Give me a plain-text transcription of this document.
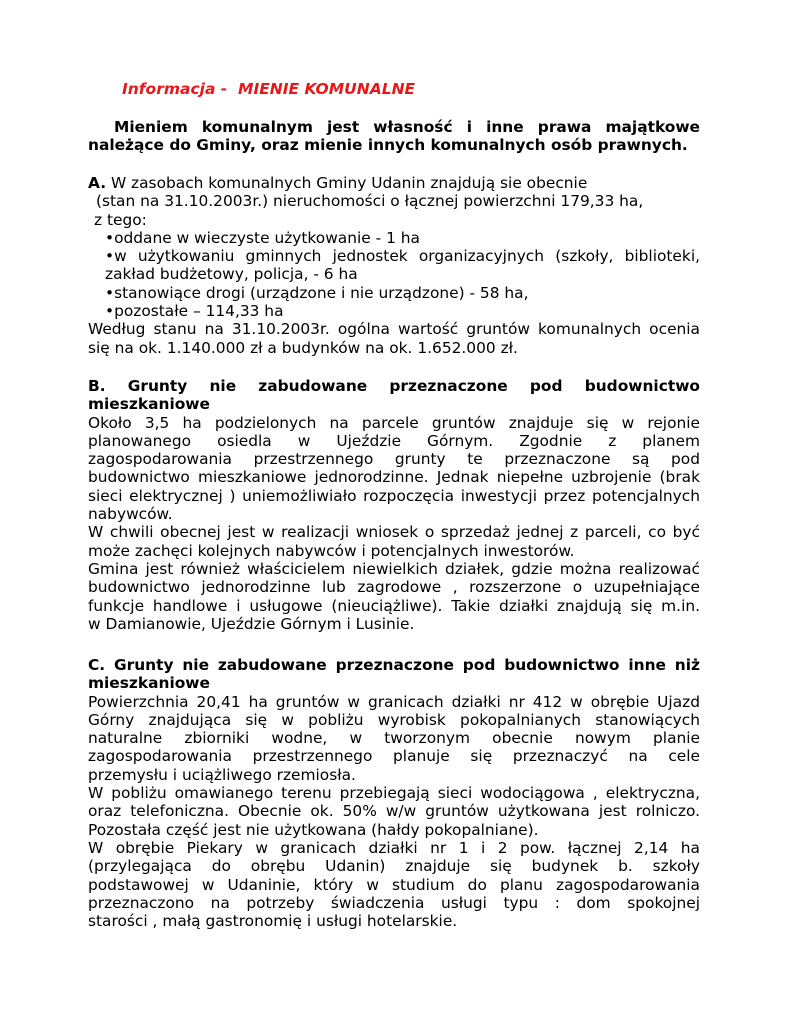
Informacja -  MIENIE KOMUNALNE
Mieniem komunalnym jest własność i inne prawa majątkowe
należące do Gminy, oraz mienie innych komunalnych osób prawnych.
A. W zasobach komunalnych Gminy Udanin znajdują sie obecnie
(stan na 31.10.2003r.) nieruchomości o łącznej powierzchni 179,33 ha,
z tego:
•oddane w wieczyste użytkowanie - 1 ha
•w użytkowaniu gminnych jednostek organizacyjnych (szkoły, biblioteki,
zakład budżetowy, policja, - 6 ha
•stanowiące drogi (urządzone i nie urządzone) - 58 ha,
•pozostałe – 114,33 ha
Według stanu na 31.10.2003r. ogólna wartość gruntów komunalnych ocenia
się na ok. 1.140.000 zł a budynków na ok. 1.652.000 zł.
B.   Grunty   nie   zabudowane   przeznaczone   pod   budownictwo
mieszkaniowe
Około 3,5 ha podzielonych na parcele gruntów znajduje się w rejonie
planowanego osiedla w Ujeździe Górnym. Zgodnie z planem
zagospodarowania przestrzennego grunty te przeznaczone są pod
budownictwo mieszkaniowe jednorodzinne. Jednak niepełne uzbrojenie (brak
sieci elektrycznej ) uniemożliwiało rozpoczęcia inwestycji przez potencjalnych
nabywców.
W chwili obecnej jest w realizacji wniosek o sprzedaż jednej z parceli, co być
może zachęci kolejnych nabywców i potencjalnych inwestorów.
Gmina jest również właścicielem niewielkich działek, gdzie można realizować
budownictwo jednorodzinne lub zagrodowe , rozszerzone o uzupełniające
funkcje handlowe i usługowe (nieuciążliwe). Takie działki znajdują się m.in.
w Damianowie, Ujeździe Górnym i Lusinie.
C. Grunty nie zabudowane przeznaczone pod budownictwo inne niż
mieszkaniowe
Powierzchnia 20,41 ha gruntów w granicach działki nr 412 w obrębie Ujazd
Górny znajdująca się w pobliżu wyrobisk pokopalnianych stanowiących
naturalne zbiorniki wodne, w tworzonym obecnie nowym planie
zagospodarowania przestrzennego planuje się przeznaczyć na cele
przemysłu i uciążliwego rzemiosła.
W pobliżu omawianego terenu przebiegają sieci wodociągowa , elektryczna,
oraz telefoniczna. Obecnie ok. 50% w/w gruntów użytkowana jest rolniczo.
Pozostała część jest nie użytkowana (hałdy pokopalniane).
W obrębie Piekary w granicach działki nr 1 i 2 pow. łącznej 2,14 ha
(przylegająca do obrębu Udanin) znajduje się budynek b. szkoły
podstawowej w Udaninie, który w studium do planu zagospodarowania
przeznaczono na potrzeby świadczenia usługi typu : dom spokojnej
starości , małą gastronomię i usługi hotelarskie.
